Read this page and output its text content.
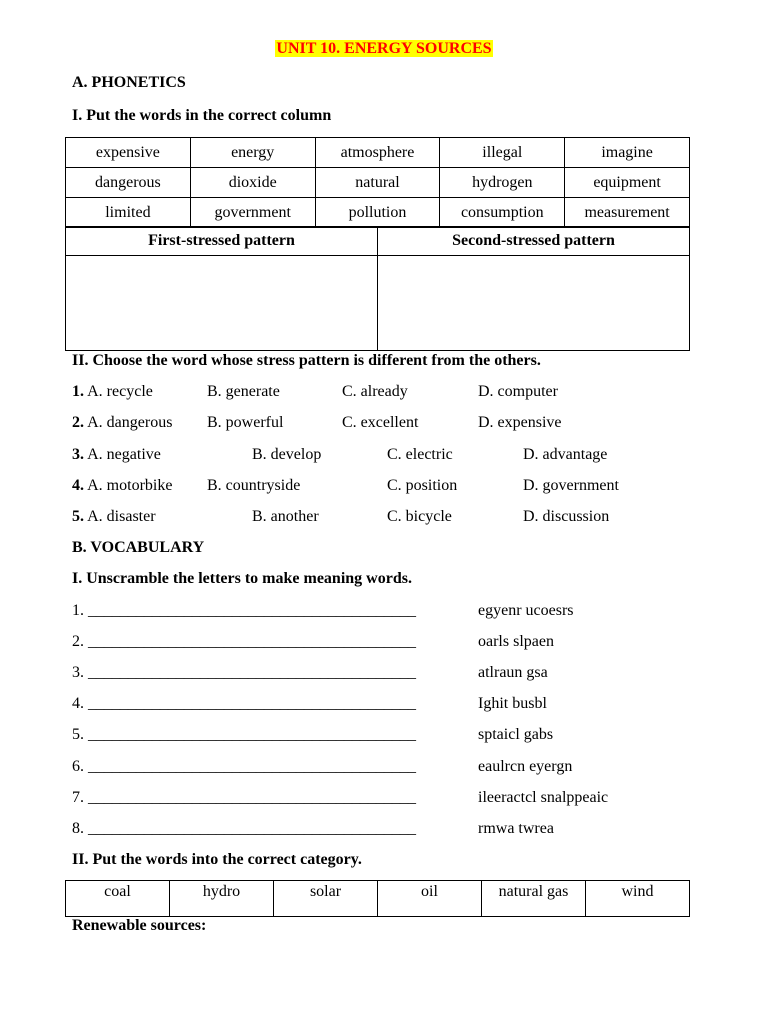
UNIT 10. ENERGY SOURCES
A. PHONETICS
I. Put the words in the correct column
expensive	energy	atmosphere	illegal	imagine
dangerous	dioxide	natural	hydrogen	equipment
limited	government	pollution	consumption	measurement
First-stressed pattern	Second-stressed pattern

II. Choose the word whose stress pattern is different from the others.
1. A. recycle	B. generate	C. already	D. computer
2. A. dangerous B. powerful	C. excellent	D. expensive
3. A. negative	B. develop	C. electric	D. advantage
4. A. motorbike B. countryside	C. position	D. government
5. A. disaster	B. another	C. bicycle	D. discussion
B. VOCABULARY
I. Unscramble the letters to make meaning words.
1. _________________________________________	egyenr ucoesrs
2. _________________________________________	oarls slpaen
3. _________________________________________	atlraun gsa
4. _________________________________________	Ighit busbl
5. _________________________________________	sptaicl gabs
6. _________________________________________	eaulrcn eyergn
7. _________________________________________	ileeractcl snalppeaic
8. _________________________________________	rmwa twrea
II. Put the words into the correct category.
coal	hydro	solar	oil	natural gas	wind
Renewable sources:
